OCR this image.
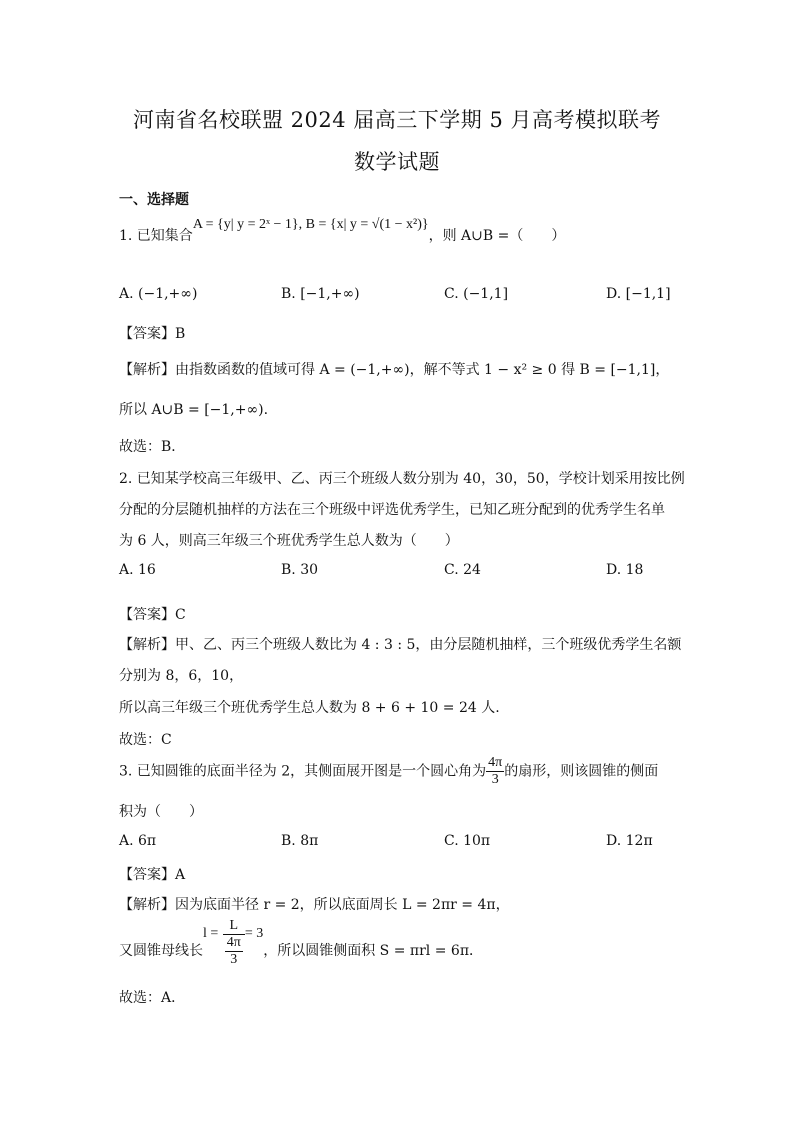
河南省名校联盟 2024 届高三下学期 5 月高考模拟联考
数学试题
一、选择题
1. 已知集合A = {y| y = 2ˣ − 1}, B = {x| y = √(1 − x²)}，则 A∪B =（　　）
A. (−1,+∞)	B. [−1,+∞)	C. (−1,1]	D. [−1,1]
【答案】B
【解析】由指数函数的值域可得 A = (−1,+∞)，解不等式 1 − x² ≥ 0 得 B = [−1,1]，
所以 A∪B = [−1,+∞).
故选：B．
2. 已知某学校高三年级甲、乙、丙三个班级人数分别为 40，30，50，学校计划采用按比例
分配的分层随机抽样的方法在三个班级中评选优秀学生，已知乙班分配到的优秀学生名单
为 6 人，则高三年级三个班优秀学生总人数为（　　）
A. 16	B. 30	C. 24	D. 18
【答案】C
【解析】甲、乙、丙三个班级人数比为 4 : 3 : 5，由分层随机抽样，三个班级优秀学生名额
分别为 8，6，10，
所以高三年级三个班优秀学生总人数为 8 + 6 + 10 = 24 人.
故选：C
3. 已知圆锥的底面半径为 2，其侧面展开图是一个圆心角为 $\frac{4\pi}{3}$ 的扇形，则该圆锥的侧面
积为（　　）
A. 6π	B. 8π	C. 10π	D. 12π
【答案】A
【解析】因为底面半径 r = 2，所以底面周长 L = 2πr = 4π，
又圆锥母线长$l = \frac{L}{\frac{4\pi}{3}} = 3$，所以圆锥侧面积 S = πrl = 6π．
故选：A．
